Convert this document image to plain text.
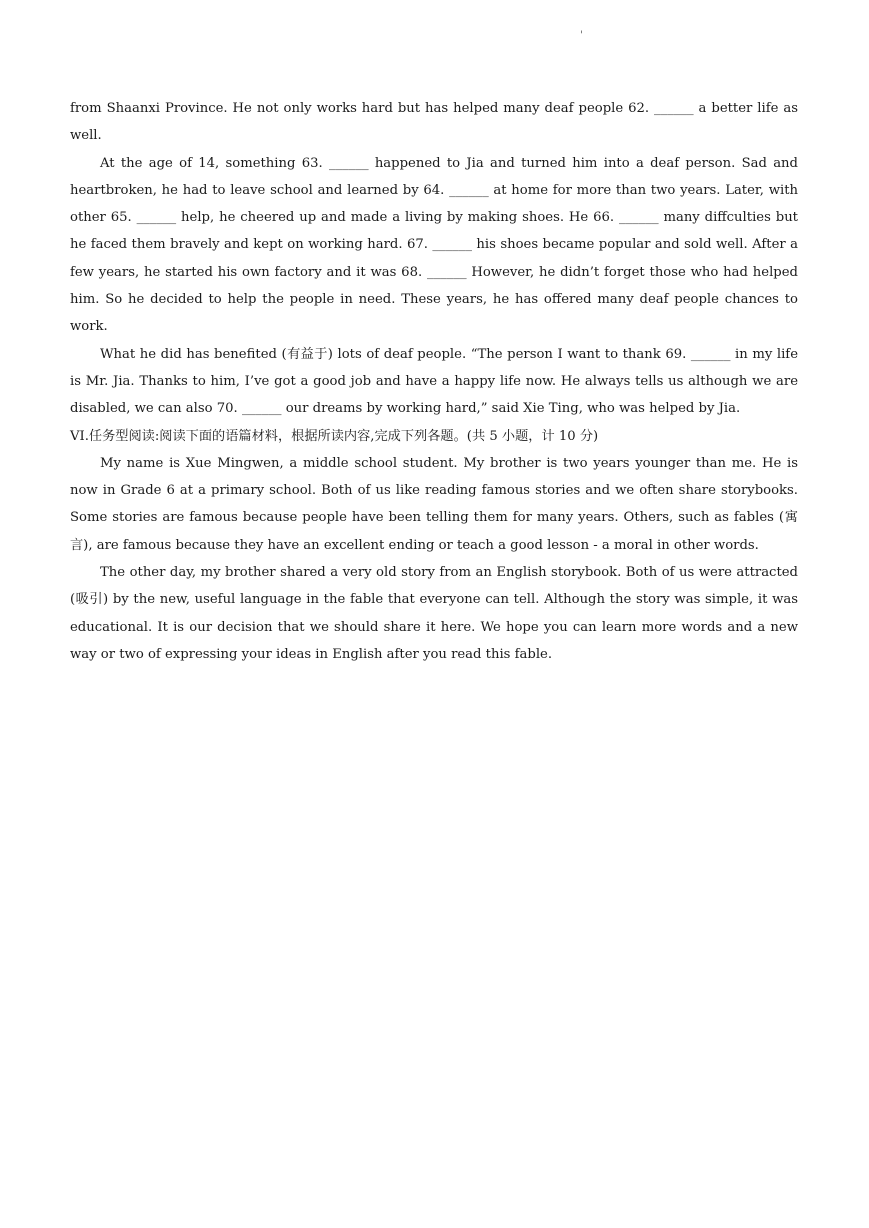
'

from Shaanxi Province. He not only works hard but has helped many deaf people 62. ______ a better life as well.

At the age of 14, something 63. ______ happened to Jia and turned him into a deaf person. Sad and heartbroken, he had to leave school and learned by 64. ______ at home for more than two years. Later, with other 65. ______ help, he cheered up and made a living by making shoes. He 66. ______ many diffculties but he faced them bravely and kept on working hard. 67. ______ his shoes became popular and sold well. After a few years, he started his own factory and it was 68. ______ However, he didn’t forget those who had helped him. So he decided to help the people in need. These years, he has offered many deaf people chances to work.

What he did has benefited (有益于) lots of deaf people. “The person I want to thank 69. ______ in my life is Mr. Jia. Thanks to him, I’ve got a good job and have a happy life now. He always tells us although we are disabled, we can also 70. ______ our dreams by working hard,” said Xie Ting, who was helped by Jia.

VI.任务型阅读:阅读下面的语篇材料，根据所读内容,完成下列各题。(共 5 小题，计 10 分)

My name is Xue Mingwen, a middle school student. My brother is two years younger than me. He is now in Grade 6 at a primary school. Both of us like reading famous stories and we often share storybooks. Some stories are famous because people have been telling them for many years. Others, such as fables (寓言), are famous because they have an excellent ending or teach a good lesson - a moral in other words.

The other day, my brother shared a very old story from an English storybook. Both of us were attracted (吸引) by the new, useful language in the fable that everyone can tell. Although the story was simple, it was educational. It is our decision that we should share it here. We hope you can learn more words and a new way or two of expressing your ideas in English after you read this fable.
